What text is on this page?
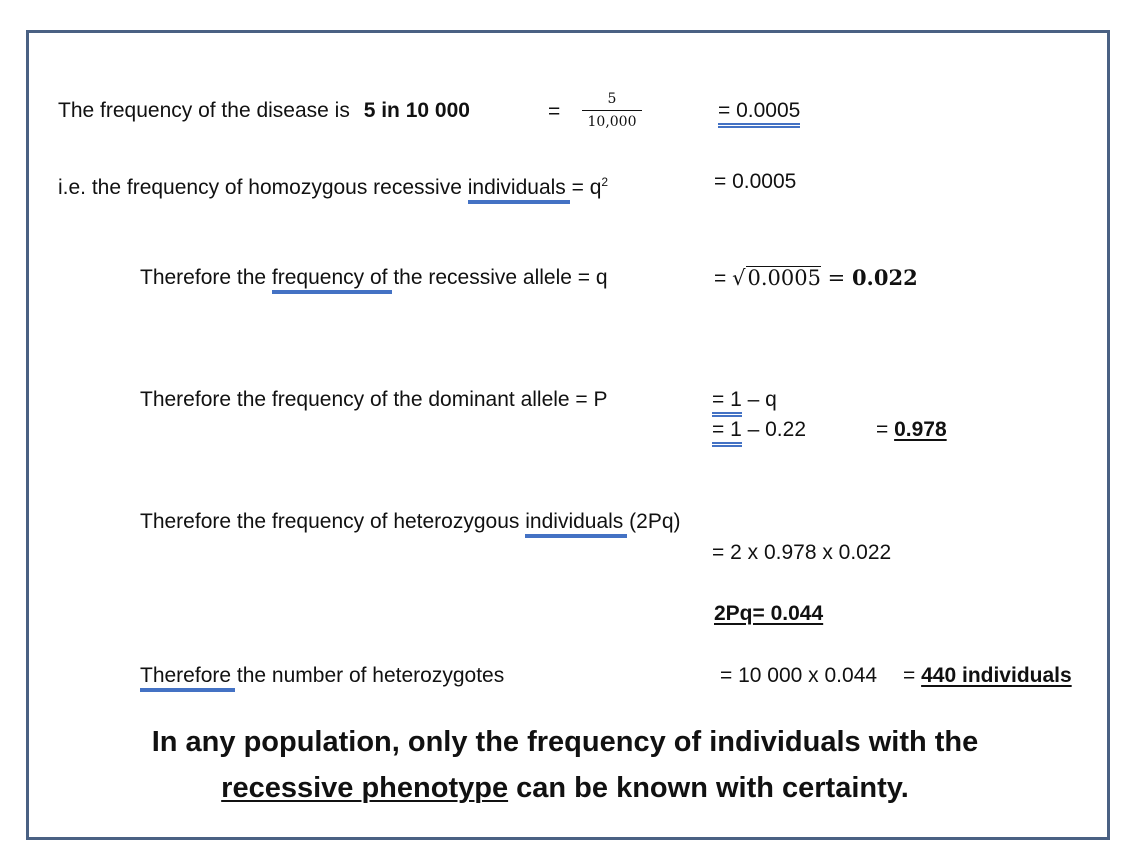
The frequency of the disease is 5 in 10 000	=
5
10,000	= 0.0005
i.e. the frequency of homozygous recessive individuals = $q^2$	= 0.0005
Therefore the frequency of the recessive allele = q	= √0.0005 = 0.022
Therefore the frequency of the dominant allele = P	= 1 – q
= 1 – 0.22	= 0.978
Therefore the frequency of heterozygous individuals (2Pq)
= 2 x 0.978 x 0.022
2Pq= 0.044
Therefore the number of heterozygotes	= 10 000 x 0.044 = 440 individuals
In any population, only the frequency of individuals with the
recessive phenotype can be known with certainty.
